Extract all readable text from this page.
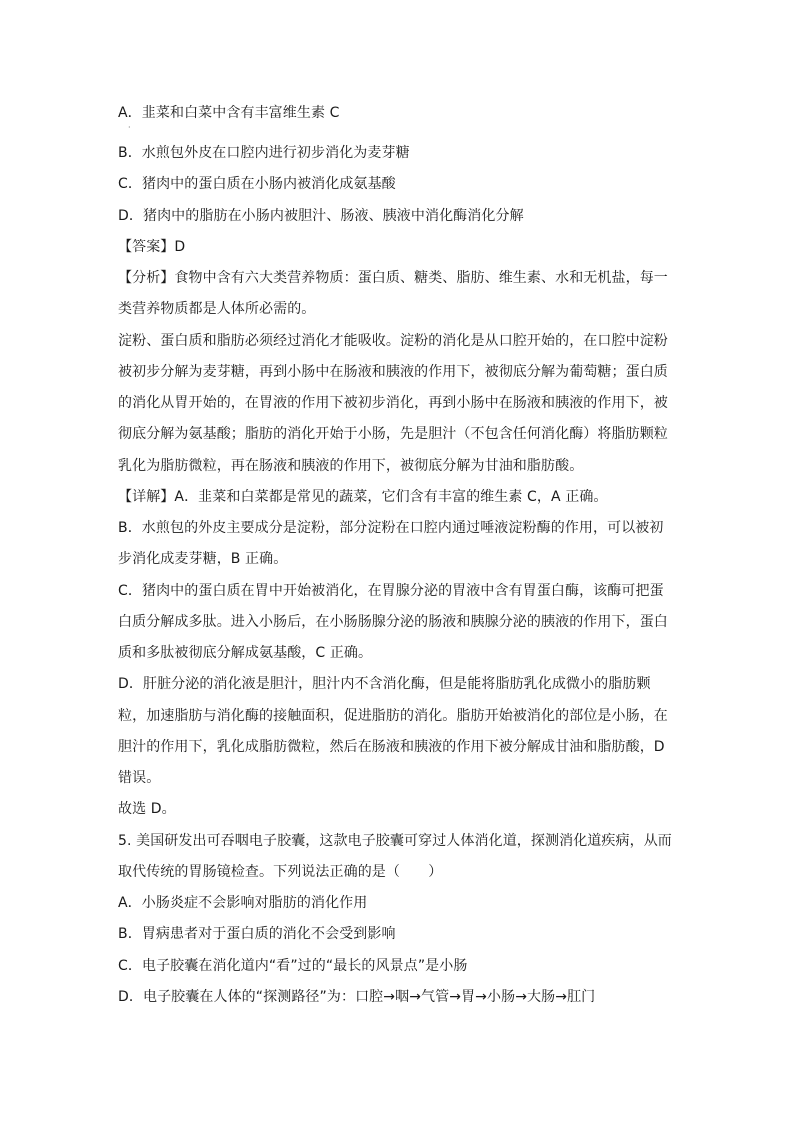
A．韭菜和白菜中含有丰富维生素 C
·
B．水煎包外皮在口腔内进行初步消化为麦芽糖
C．猪肉中的蛋白质在小肠内被消化成氨基酸
D．猪肉中的脂肪在小肠内被胆汁、肠液、胰液中消化酶消化分解
【答案】D
【分析】食物中含有六大类营养物质：蛋白质、糖类、脂肪、维生素、水和无机盐，每一
类营养物质都是人体所必需的。
淀粉、蛋白质和脂肪必须经过消化才能吸收。淀粉的消化是从口腔开始的，在口腔中淀粉
被初步分解为麦芽糖，再到小肠中在肠液和胰液的作用下，被彻底分解为葡萄糖；蛋白质
的消化从胃开始的，在胃液的作用下被初步消化，再到小肠中在肠液和胰液的作用下，被
彻底分解为氨基酸；脂肪的消化开始于小肠，先是胆汁（不包含任何消化酶）将脂肪颗粒
乳化为脂肪微粒，再在肠液和胰液的作用下，被彻底分解为甘油和脂肪酸。
【详解】A．韭菜和白菜都是常见的蔬菜，它们含有丰富的维生素 C，A 正确。
B．水煎包的外皮主要成分是淀粉，部分淀粉在口腔内通过唾液淀粉酶的作用，可以被初
步消化成麦芽糖，B 正确。
C．猪肉中的蛋白质在胃中开始被消化，在胃腺分泌的胃液中含有胃蛋白酶，该酶可把蛋
白质分解成多肽。进入小肠后，在小肠肠腺分泌的肠液和胰腺分泌的胰液的作用下，蛋白
质和多肽被彻底分解成氨基酸，C 正确。
D．肝脏分泌的消化液是胆汁，胆汁内不含消化酶，但是能将脂肪乳化成微小的脂肪颗
粒，加速脂肪与消化酶的接触面积，促进脂肪的消化。脂肪开始被消化的部位是小肠，在
胆汁的作用下，乳化成脂肪微粒，然后在肠液和胰液的作用下被分解成甘油和脂肪酸，D
错误。
故选 D。
5. 美国研发出可吞咽电子胶囊，这款电子胶囊可穿过人体消化道，探测消化道疾病，从而
取代传统的胃肠镜检查。下列说法正确的是（　　）
A．小肠炎症不会影响对脂肪的消化作用
B．胃病患者对于蛋白质的消化不会受到影响
C．电子胶囊在消化道内“看”过的“最长的风景点”是小肠
D．电子胶囊在人体的“探测路径”为：口腔→咽→气管→胃→小肠→大肠→肛门
